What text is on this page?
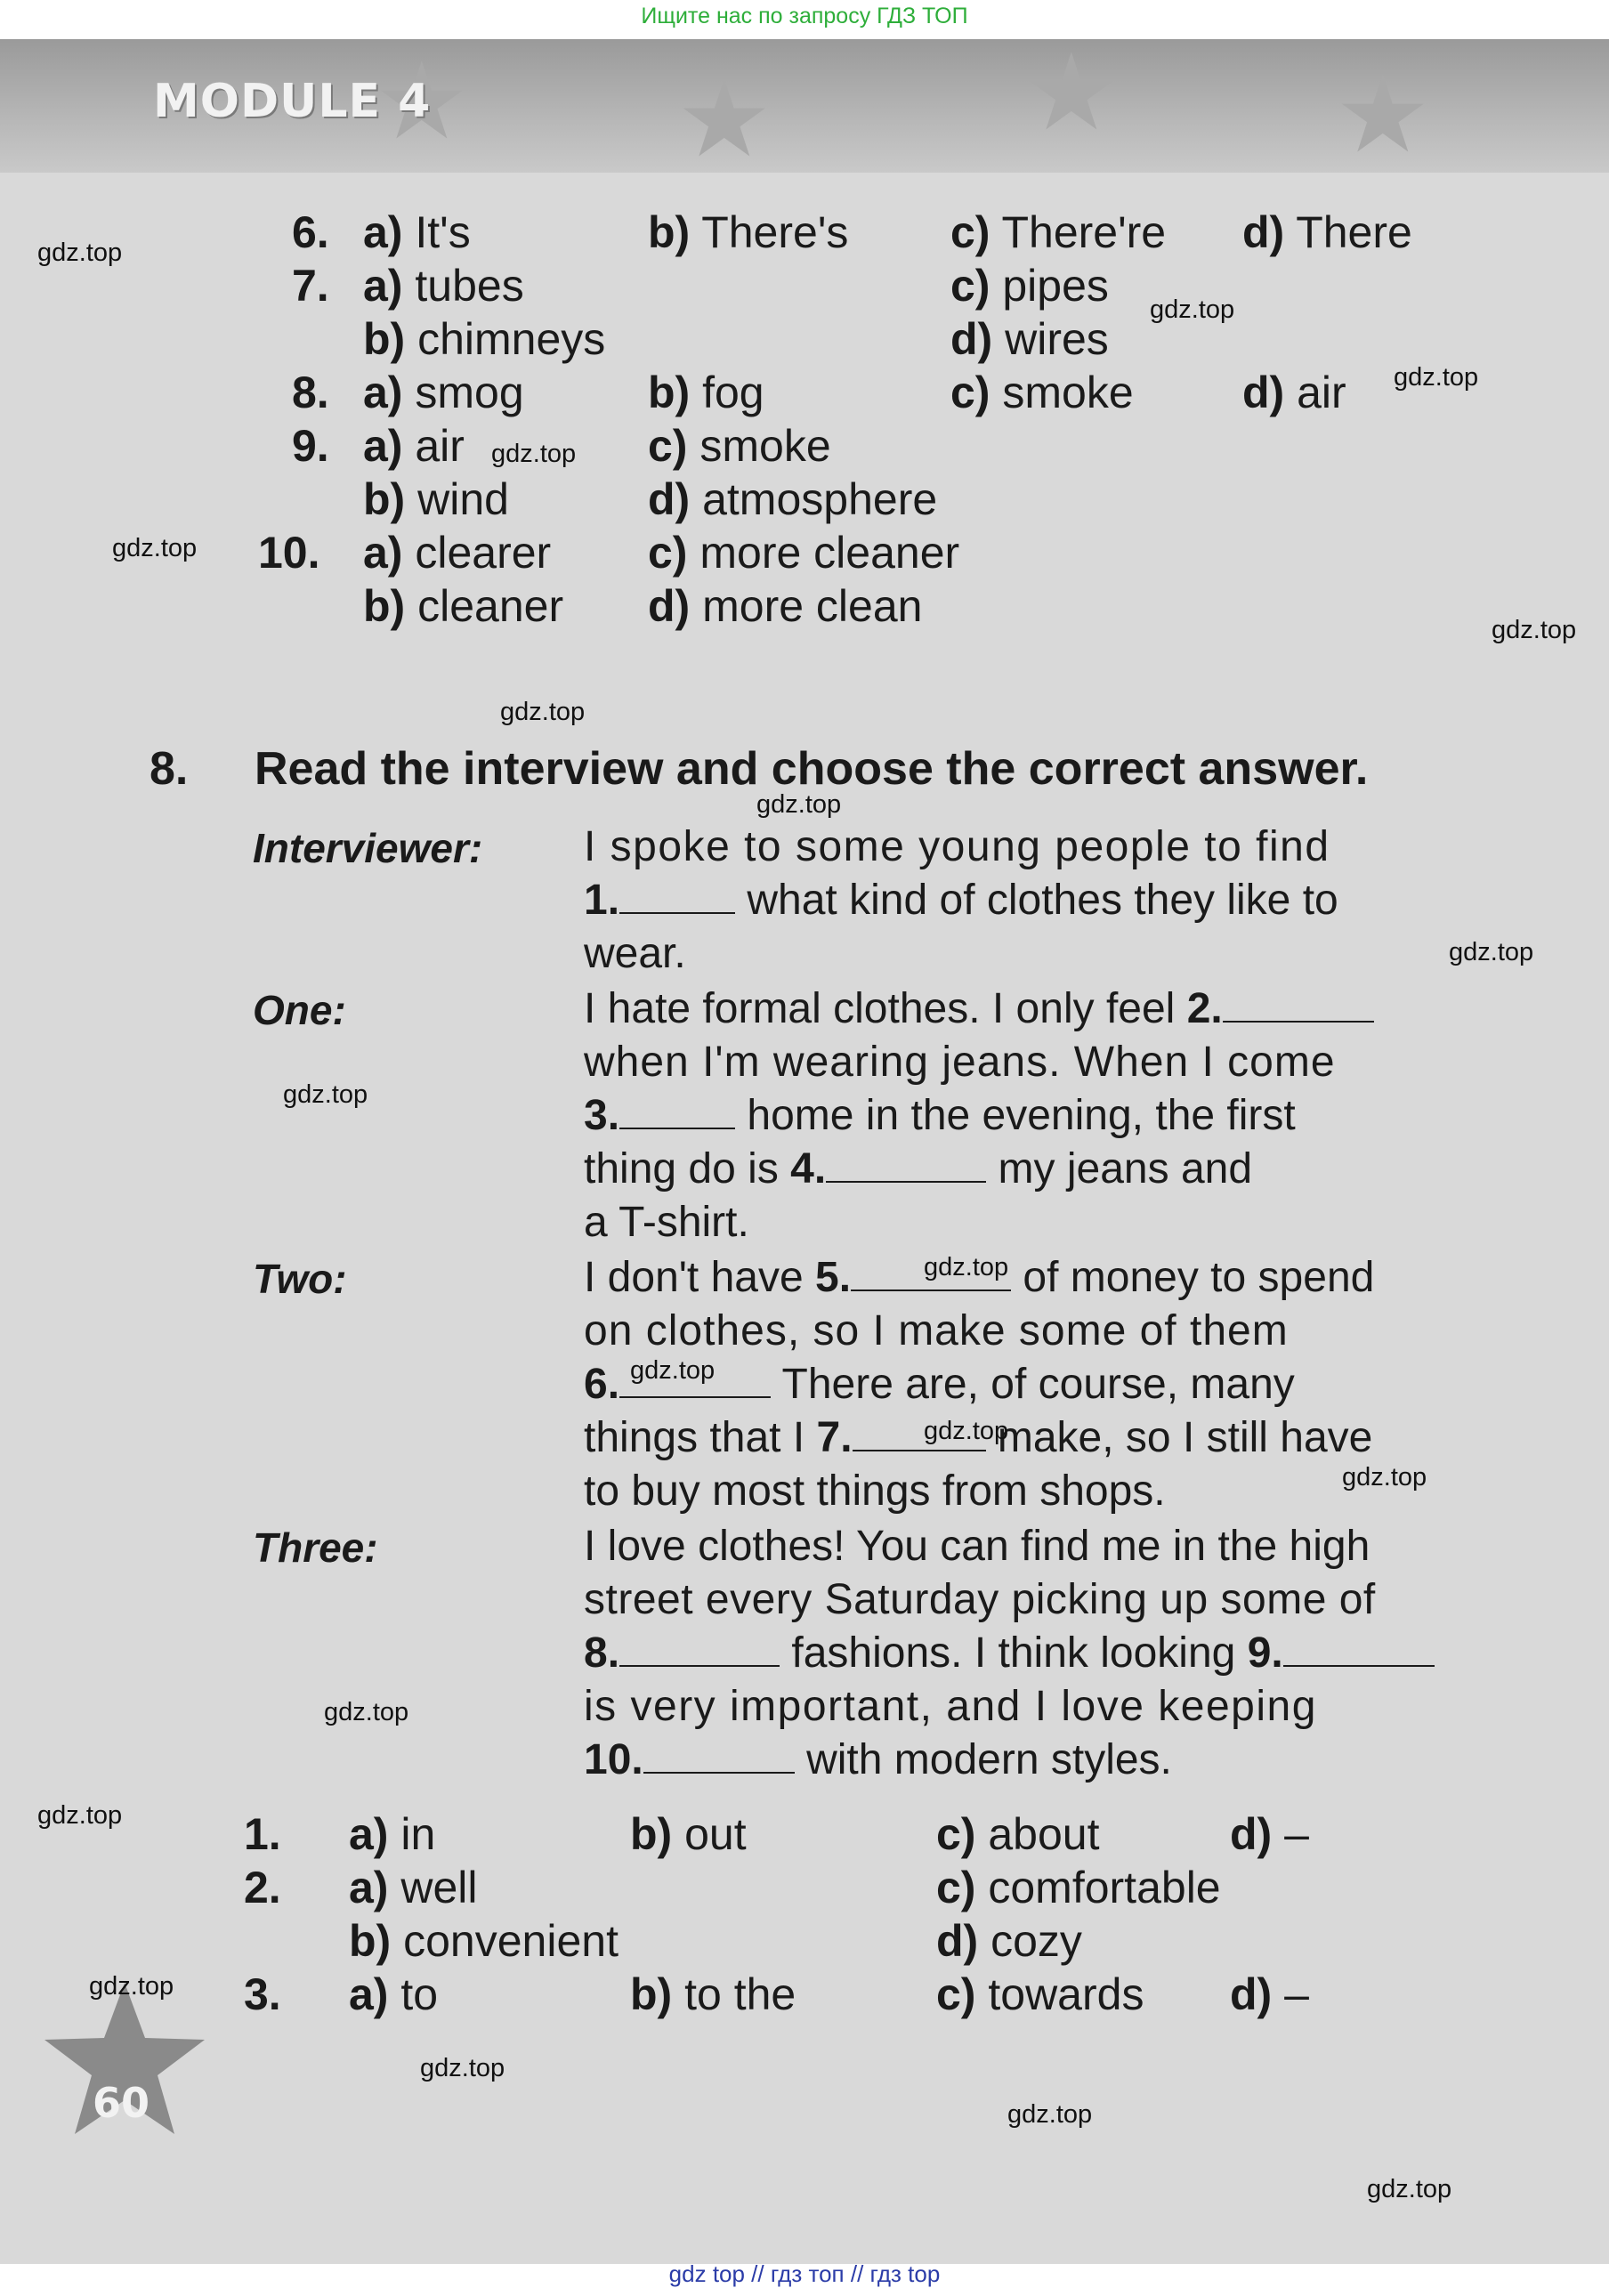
Ищите нас по запросу ГДЗ ТОП
★ ★ ★ ★
MODULE 4
6. a) It's	b) There's c) There're d) There
7. a) tubes	c) pipes
b) chimneys	d) wires
8. a) smog	b) fog	c) smoke d) air
9. a) air	c) smoke
b) wind	d) atmosphere
10. a) clearer c) more cleaner
b) cleaner d) more clean
8. Read the interview and choose the correct answer.
Interviewer: I spoke to some young people to find
1.	what kind of clothes they like to
wear.
One:	I hate formal clothes. I only feel 2.
when I'm wearing jeans. When I come
3.	home in the evening, the first
thing do is 4.	my jeans and
a T-shirt.
Two:	I don't have 5.	of money to spend
on clothes, so I make some of them
6.	There are, of course, many
things that I 7.	make, so I still have
to buy most things from shops.
Three:	I love clothes! You can find me in the high
street every Saturday picking up some of
8.	fashions. I think looking 9.
is very important, and I love keeping
10.	with modern styles.
1. a) in	b) out	c) about	d) –
2. a) well	c) comfortable
b) convenient	d) cozy
3. a) to	b) to the	c) towards d) –
60
gdz.top
gdz.top
gdz.top
gdz.top
gdz.top
gdz.top
gdz.top
gdz.top
gdz.top
gdz.top
gdz.top
gdz.top
gdz.top
gdz.top
gdz.top
gdz.top
gdz.top
gdz.top
gdz.top
gdz.top
gdz top // гдз топ // гдз top
